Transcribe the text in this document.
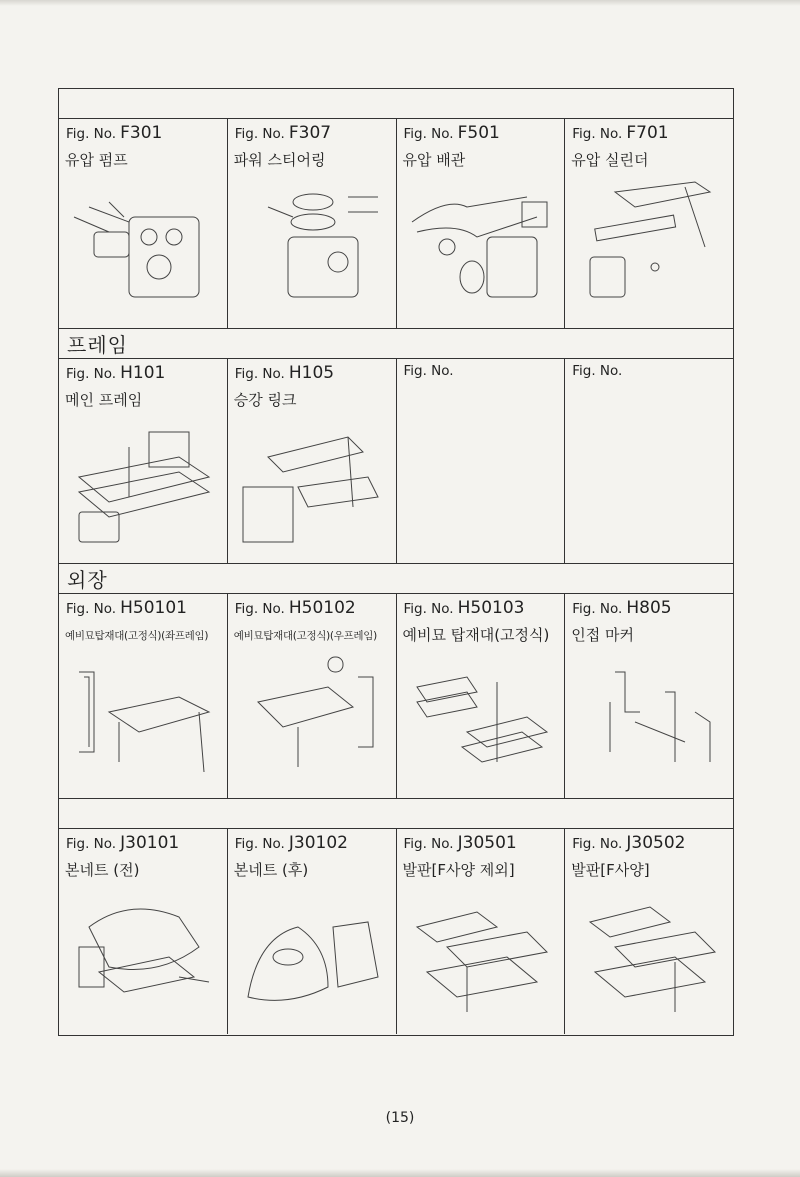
Fig. No. F301
유압 펌프
Fig. No. F307
파워 스티어링
Fig. No. F501
유압 배관
Fig. No. F701
유압 실린더
프레임
Fig. No. H101
메인 프레임
Fig. No. H105
승강 링크
Fig. No.	Fig. No.
외장
Fig. No. H50101
예비묘탑재대(고정식)(좌프레임)
Fig. No. H50102
예비묘탑재대(고정식)(우프레임)
Fig. No. H50103
예비묘 탑재대(고정식)
Fig. No. H805
인접 마커
Fig. No. J30101
본네트 (전)
Fig. No. J30102
본네트 (후)
Fig. No. J30501
발판[F사양 제외]
Fig. No. J30502
발판[F사양]
(15)
